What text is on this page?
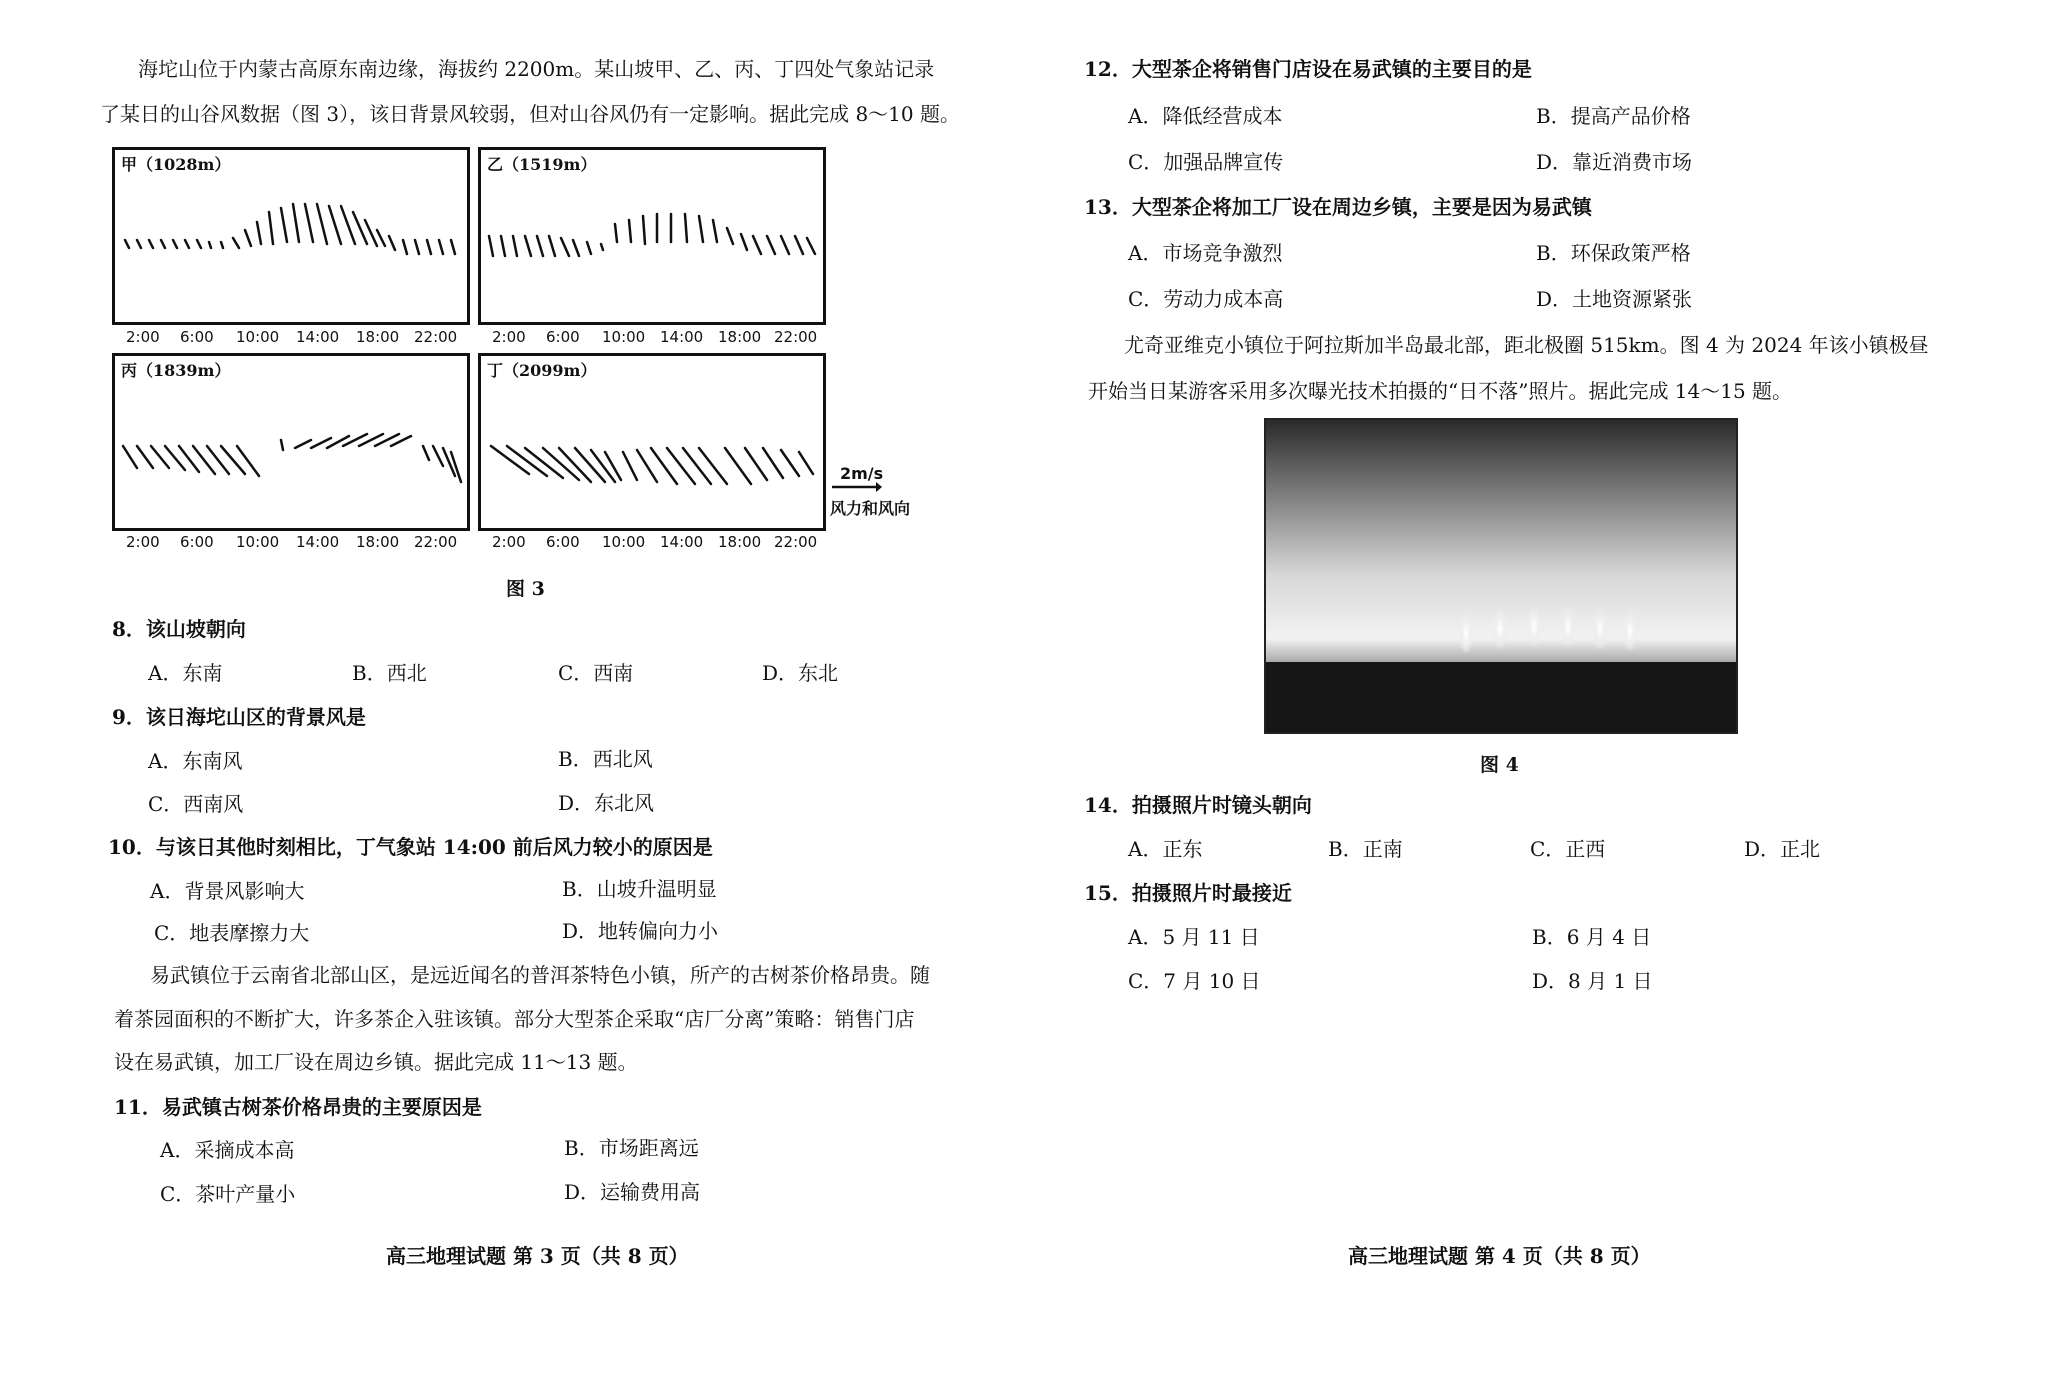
海坨山位于内蒙古高原东南边缘，海拔约 2200m。某山坡甲、乙、丙、丁四处气象站记录
了某日的山谷风数据（图 3），该日背景风较弱，但对山谷风仍有一定影响。据此完成 8～10 题。
甲（1028m）	乙（1519m）
2:00 6:00 10:00 14:00 18:00 22:00 2:00 6:00 10:00 14:00 18:00 22:00
丙（1839m）	丁（2099m）
2:00 6:00 10:00 14:00 18:00 22:00 2:00 6:00 10:00 14:00 18:00 22:00
2m/s
风力和风向
图 3
8．该山坡朝向
A．东南	B．西北	C．西南	D．东北
9．该日海坨山区的背景风是
A．东南风	B．西北风
C．西南风	D．东北风
10．与该日其他时刻相比，丁气象站 14:00 前后风力较小的原因是
A．背景风影响大	B．山坡升温明显
C．地表摩擦力大	D．地转偏向力小
易武镇位于云南省北部山区，是远近闻名的普洱茶特色小镇，所产的古树茶价格昂贵。随
着茶园面积的不断扩大，许多茶企入驻该镇。部分大型茶企采取“店厂分离”策略：销售门店
设在易武镇，加工厂设在周边乡镇。据此完成 11～13 题。
11．易武镇古树茶价格昂贵的主要原因是
A．采摘成本高	B．市场距离远
C．茶叶产量小	D．运输费用高
高三地理试题 第 3 页（共 8 页）
12．大型茶企将销售门店设在易武镇的主要目的是
A．降低经营成本	B．提高产品价格
C．加强品牌宣传	D．靠近消费市场
13．大型茶企将加工厂设在周边乡镇，主要是因为易武镇
A．市场竞争激烈	B．环保政策严格
C．劳动力成本高	D．土地资源紧张
尤奇亚维克小镇位于阿拉斯加半岛最北部，距北极圈 515km。图 4 为 2024 年该小镇极昼
开始当日某游客采用多次曝光技术拍摄的“日不落”照片。据此完成 14～15 题。
图 4
14．拍摄照片时镜头朝向
A．正东	B．正南	C．正西	D．正北
15．拍摄照片时最接近
A．5 月 11 日	B．6 月 4 日
C．7 月 10 日	D．8 月 1 日
高三地理试题 第 4 页（共 8 页）
